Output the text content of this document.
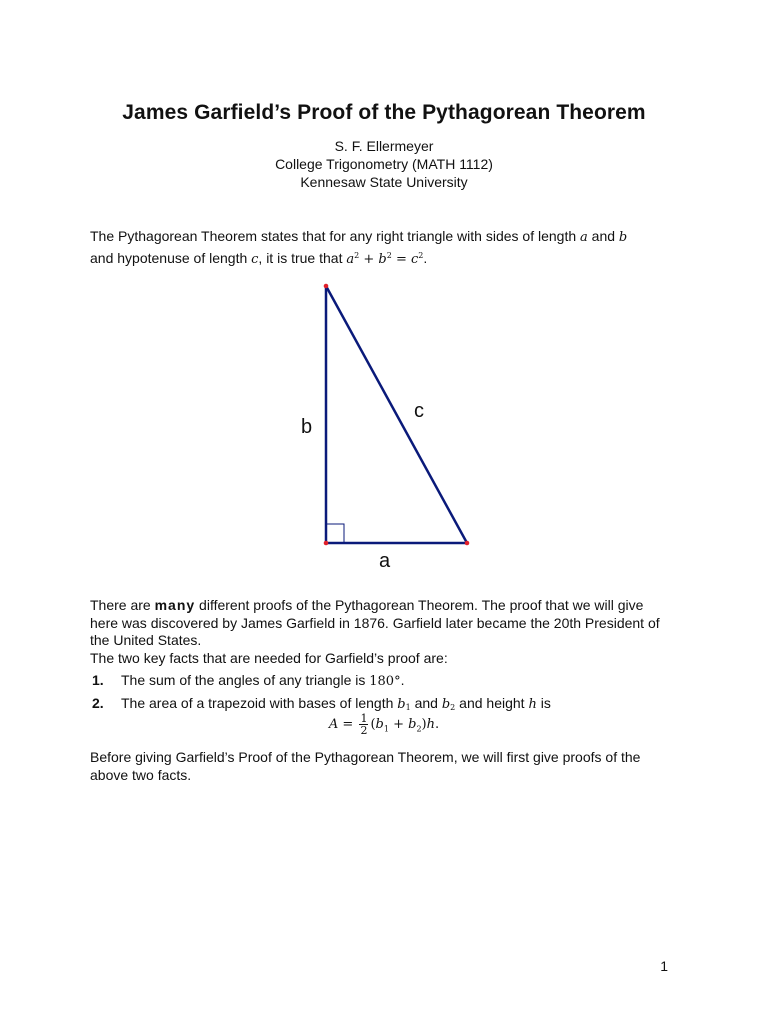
James Garfield’s Proof of the Pythagorean Theorem
S. F. Ellermeyer
College Trigonometry (MATH 1112)
Kennesaw State University

The Pythagorean Theorem states that for any right triangle with sides of length a and b

and hypotenuse of length c, it is true that $a^2 + b^2 = c^2$.

b
c
a

There are many different proofs of the Pythagorean Theorem. The proof that we will give here was discovered by James Garfield in 1876. Garfield later became the 20th President of the United States.

The two key facts that are needed for Garfield’s proof are:

1. The sum of the angles of any triangle is 180°.
2. The area of a trapezoid with bases of length $b_1$ and $b_2$ and height h is
$A = \frac{1}{2} (b_1 + b_2)h$.
Before giving Garfield’s Proof of the Pythagorean Theorem, we will first give proofs of the above two facts.
1
